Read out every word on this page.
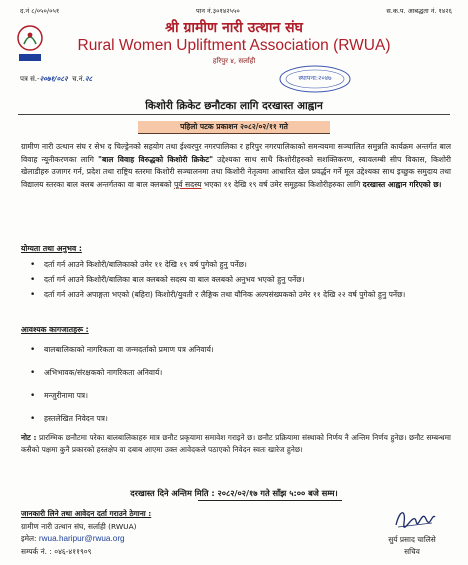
द.नं ८/०५०/०५१	पान नं.३०१४२५५०	स.क.प. आबद्धता नं. १४२६
श्री ग्रामीण नारी उत्थान संघ
Rural Women Upliftment Association (RWUA)
हरिपुर ४, सर्लाही
पत्र सं.-२०७१/०८२ च.नं.२८	स्थापना:२०४७
किशोरी क्रिकेट छनौटका लागि दरखास्त आह्वान
पहिलो पटक प्रकाशन २०८२/०२/११ गते
ग्रामीण नारी उत्थान संघ र सेभ द चिल्ड्रेनको सहयोग तथा ईश्वरपुर नगरपालिका र हरिपुर नगरपालिकाको समन्वयमा सञ्चालित समुन्नति कार्यक्रम अन्तर्गत बाल विवाह न्यूनीकरणका लागि "बाल विवाह विरुद्धको किशोरी क्रिकेट" उद्देश्यका साथ साथै किशोरीहरुको सशक्तिकरण, स्वावलम्बी सीप विकास, किशोरी खेलाडीहरु उजागर गर्न, प्रदेश तथा राष्ट्रिय स्तरमा किशोरी सञ्चालनमा तथा किशोरी नेतृत्वमा आधारित खेल प्रवर्द्धन गर्ने मूल उद्देश्यका साथ इच्छुक समुदाय तथा विद्यालय स्तरका बाल क्लब अन्तर्गतका वा बाल क्लबको पूर्व सदस्य भएका ११ देखि १९ वर्ष उमेर समूहका किशोरीहरुका लागि दरखास्त आह्वान गरिएको छ।
योग्यता तथा अनुभव :
• दर्ता गर्न आउने किशोरी/बालिकाको उमेर ११ देखि १९ वर्ष पुगेको हुनु पर्नेछ।
• दर्ता गर्न आउने किशोरी/बालिका बाल क्लबको सदस्य वा बाल क्लबको अनुभव भएको हुनु पर्नेछ।
• दर्ता गर्न आउने अपाङ्गता भएको (बहिरा) किशोरी/युवती र लैङ्गिक तथा यौनिक अल्पसंख्यकको उमेर ११ देखि २२ वर्ष पुगेको हुनु पर्नेछ।
आवश्यक कागजातहरू :
• बालबालिकाको नागरिकता वा जन्मदर्ताको प्रमाण पत्र अनिवार्य।
• अभिभावक/संरक्षकको नागरिकता अनिवार्य।
• मन्जुरीनामा पत्र।
• हस्तलेखित निवेदन पत्र।
नोट : प्रारम्भिक छनौटमा परेका बालबालिकाहरु मात्र छनौट प्रकृयामा समावेश गराइने छ। छनौट प्रक्रियामा संस्थाको निर्णय नै अन्तिम निर्णय हुनेछ। छनौट सम्बन्धमा कसैको पक्षमा कुनै प्रकारको हस्तक्षेप वा दबाब आएमा उक्त आवेदकले पठाएको निवेदन स्वतः खारेज हुनेछ।
दरखास्त दिने अन्तिम मिति : २०८२/०२/१७ गते साँझ ५:०० बजे सम्म।
जानकारी लिने तथा आवेदन दर्ता गराउने ठेगाना :
ग्रामीण नारी उत्थान संघ, सर्लाही (RWUA)
इमेल: rwua.haripur@rwua.org
सम्पर्क नं. : ०४६-४११९०९
सुर्य प्रसाद चालिसे
सचिव
